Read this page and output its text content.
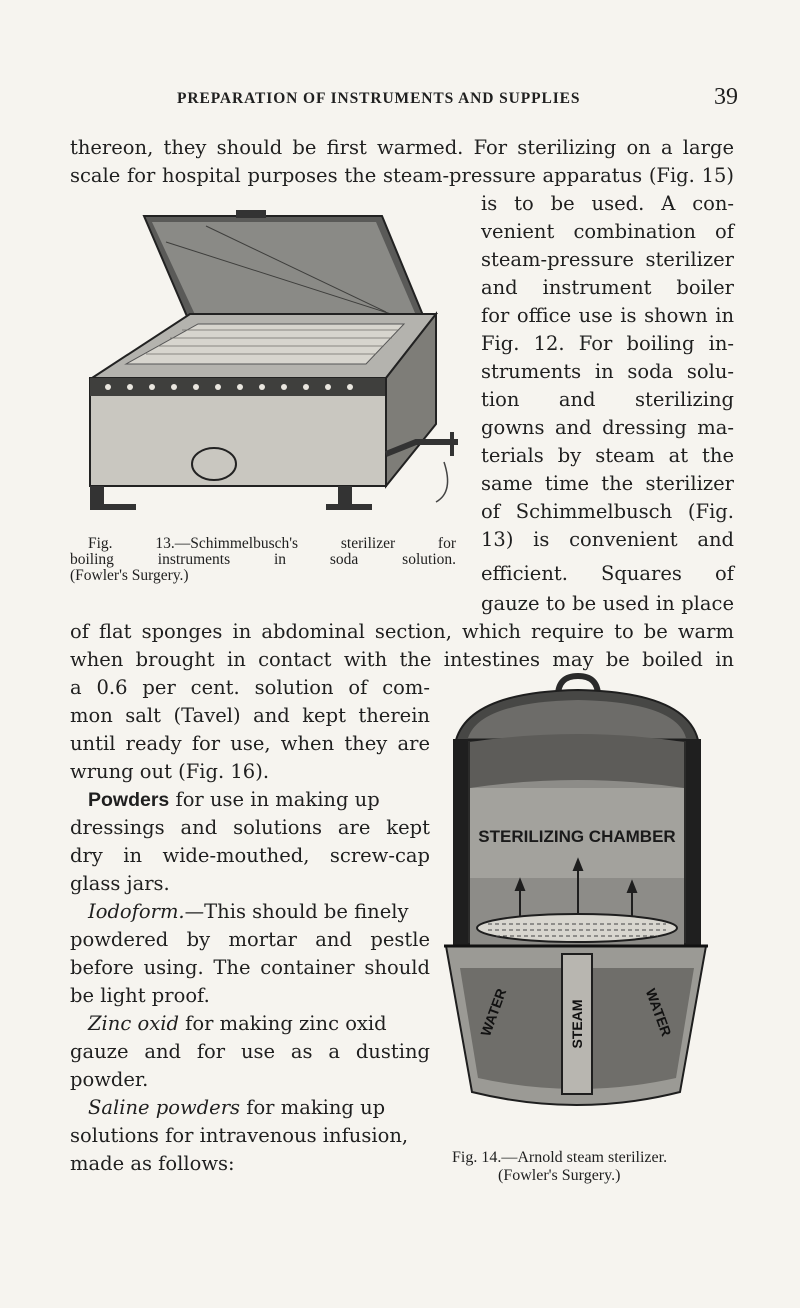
PREPARATION OF INSTRUMENTS AND SUPPLIES	39
thereon, they should be first warmed. For sterilizing on a large
scale for hospital purposes the steam-pressure apparatus (Fig. 15)
is to be used. A con-
venient combination of
steam-pressure sterilizer
and instrument boiler
for office use is shown in
Fig. 12. For boiling in-
struments in soda solu-
tion and sterilizing
gowns and dressing ma-
terials by steam at the
same time the sterilizer
of Schimmelbusch (Fig.
13) is convenient and
efficient. Squares of
gauze to be used in place
of flat sponges in abdominal section, which require to be warm
when brought in contact with the intestines may be boiled in
a 0.6 per cent. solution of com-
mon salt (Tavel) and kept therein
until ready for use, when they are
wrung out (Fig. 16).
Powders for use in making up
dressings and solutions are kept
dry in wide-mouthed, screw-cap
glass jars.
Iodoform.—This should be finely
powdered by mortar and pestle
before using. The container should
be light proof.
Zinc oxid for making zinc oxid
gauze and for use as a dusting
powder.
Saline powders for making up
solutions for intravenous infusion,
made as follows:
Fig. 13.—Schimmelbusch's sterilizer for
boiling instruments in soda solution.
(Fowler's Surgery.)
STERILIZING CHAMBER
STEAM
WATER	WATER
Fig. 14.—Arnold steam sterilizer.
(Fowler's Surgery.)
